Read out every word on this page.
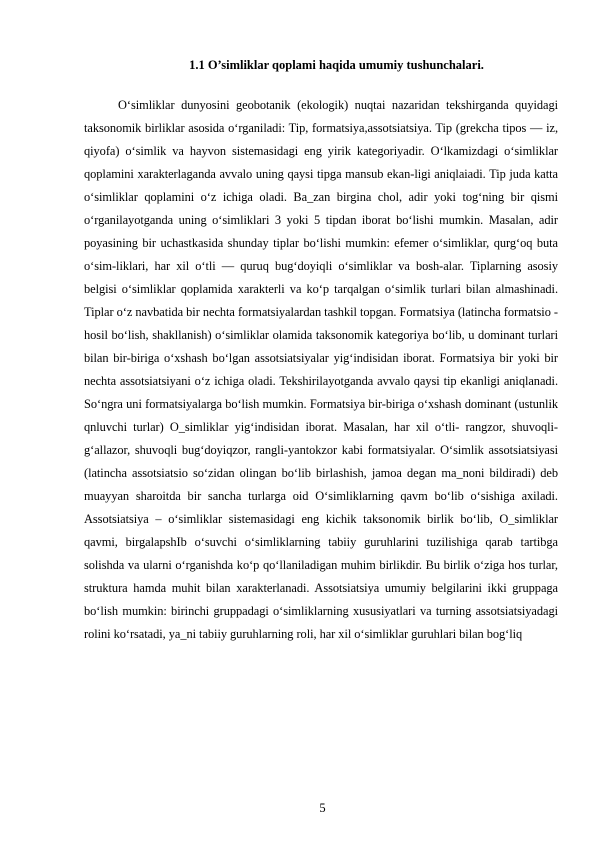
1.1 O’simliklar qoplami haqida umumiy tushunchalari.

O‘simliklar dunyosini geobotanik (ekologik) nuqtai nazaridan tekshirganda quyidagi taksonomik birliklar asosida o‘rganiladi: Tip, formatsiya,assotsiatsiya. Tip (grekcha tipos — iz, qiyofa) o‘simlik va hayvon sistemasidagi eng yirik kategoriyadir. O‘lkamizdagi o‘simliklar qoplamini xarakterlaganda avvalo uning qaysi tipga mansub ekan-ligi aniqlaiadi. Tip juda katta o‘simliklar qoplamini o‘z ichiga oladi. Ba_zan birgina chol, adir yoki tog‘ning bir qismi o‘rganilayotganda uning o‘simliklari 3 yoki 5 tipdan iborat bo‘lishi mumkin. Masalan, adir poyasining bir uchastkasida shunday tiplar bo‘lishi mumkin: efemer o‘simliklar, qurg‘oq buta o‘sim-liklari, har xil o‘tli — quruq bug‘doyiqli o‘simliklar va bosh-alar. Tiplarning asosiy belgisi o‘simliklar qoplamida xarakterli va ko‘p tarqalgan o‘simlik turlari bilan almashinadi. Tiplar o‘z navbatida bir nechta formatsiyalardan tashkil topgan. Formatsiya (latincha formatsio - hosil bo‘lish, shakllanish) o‘simliklar olamida taksonomik kategoriya bo‘lib, u dominant turlari bilan bir-biriga o‘xshash bo‘lgan assotsiatsiyalar yig‘indisidan iborat. Formatsiya bir yoki bir nechta assotsiatsiyani o‘z ichiga oladi. Tekshirilayotganda avvalo qaysi tip ekanligi aniqlanadi. So‘ngra uni formatsiyalarga bo‘lish mumkin. Formatsiya bir-biriga o‘xshash dominant (ustunlik qnluvchi turlar) O_simliklar yig‘indisidan iborat. Masalan, har xil o‘tli- rangzor, shuvoqli-g‘allazor, shuvoqli bug‘doyiqzor, rangli-yantokzor kabi formatsiyalar. O‘simlik assotsiatsiyasi (latincha assotsiatsio so‘zidan olingan bo‘lib birlashish, jamoa degan ma_noni bildiradi) deb muayyan sharoitda bir sancha turlarga oid O‘simliklarning qavm bo‘lib o‘sishiga axiladi. Assotsiatsiya – o‘simliklar sistemasidagi eng kichik taksonomik birlik bo‘lib, O_simliklar qavmi, birgalapshIb o‘suvchi o‘simliklarning tabiiy guruhlarini tuzilishiga qarab tartibga solishda va ularni o‘rganishda ko‘p qo‘llaniladigan muhim birlikdir. Bu birlik o‘ziga hos turlar, struktura hamda muhit bilan xarakterlanadi. Assotsiatsiya umumiy belgilarini ikki gruppaga bo‘lish mumkin: birinchi gruppadagi o‘simliklarning xususiyatlari va turning assotsiatsiyadagi rolini ko‘rsatadi, ya_ni tabiiy guruhlarning roli, har xil o‘simliklar guruhlari bilan bog‘liq

5
